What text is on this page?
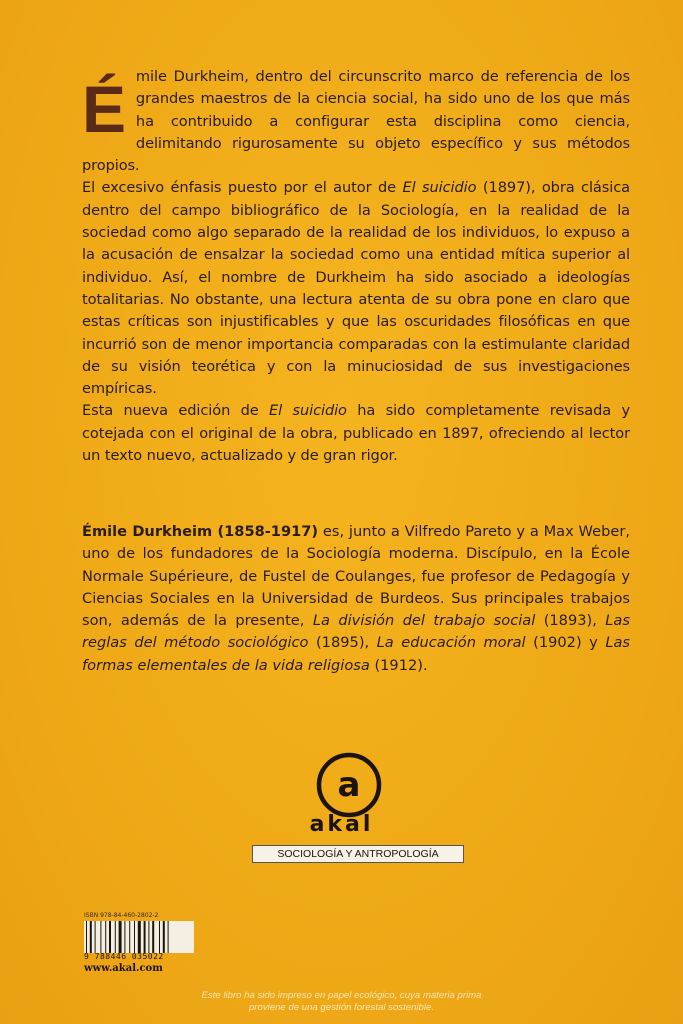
Émile Durkheim, dentro del circunscrito marco de referencia de los grandes maestros de la ciencia social, ha sido uno de los que más ha contribuido a configurar esta disciplina como ciencia, delimitando rigurosamente su objeto específico y sus métodos propios.

El excesivo énfasis puesto por el autor de El suicidio (1897), obra clásica dentro del campo bibliográfico de la Sociología, en la realidad de la sociedad como algo separado de la realidad de los individuos, lo expuso a la acusación de ensalzar la sociedad como una entidad mítica superior al individuo. Así, el nombre de Durkheim ha sido asociado a ideologías totalitarias. No obstante, una lectura atenta de su obra pone en claro que estas críticas son injustificables y que las oscuridades filosóficas en que incurrió son de menor importancia comparadas con la estimulante claridad de su visión teorética y con la minuciosidad de sus investigaciones empíricas.

Esta nueva edición de El suicidio ha sido completamente revisada y cotejada con el original de la obra, publicado en 1897, ofreciendo al lector un texto nuevo, actualizado y de gran rigor.

Émile Durkheim (1858-1917) es, junto a Vilfredo Pareto y a Max Weber, uno de los fundadores de la Sociología moderna. Discípulo, en la École Normale Supérieure, de Fustel de Coulanges, fue profesor de Pedagogía y Ciencias Sociales en la Universidad de Burdeos. Sus principales trabajos son, además de la presente, La división del trabajo social (1893), Las reglas del método sociológico (1895), La educación moral (1902) y Las formas elementales de la vida religiosa (1912).

a
akal
SOCIOLOGÍA Y ANTROPOLOGÍA
ISBN 978-84-460-2802-2
9 788446 035022
www.akal.com
Este libro ha sido impreso en papel ecológico, cuya materia prima
proviene de una gestión forestal sostenible.
